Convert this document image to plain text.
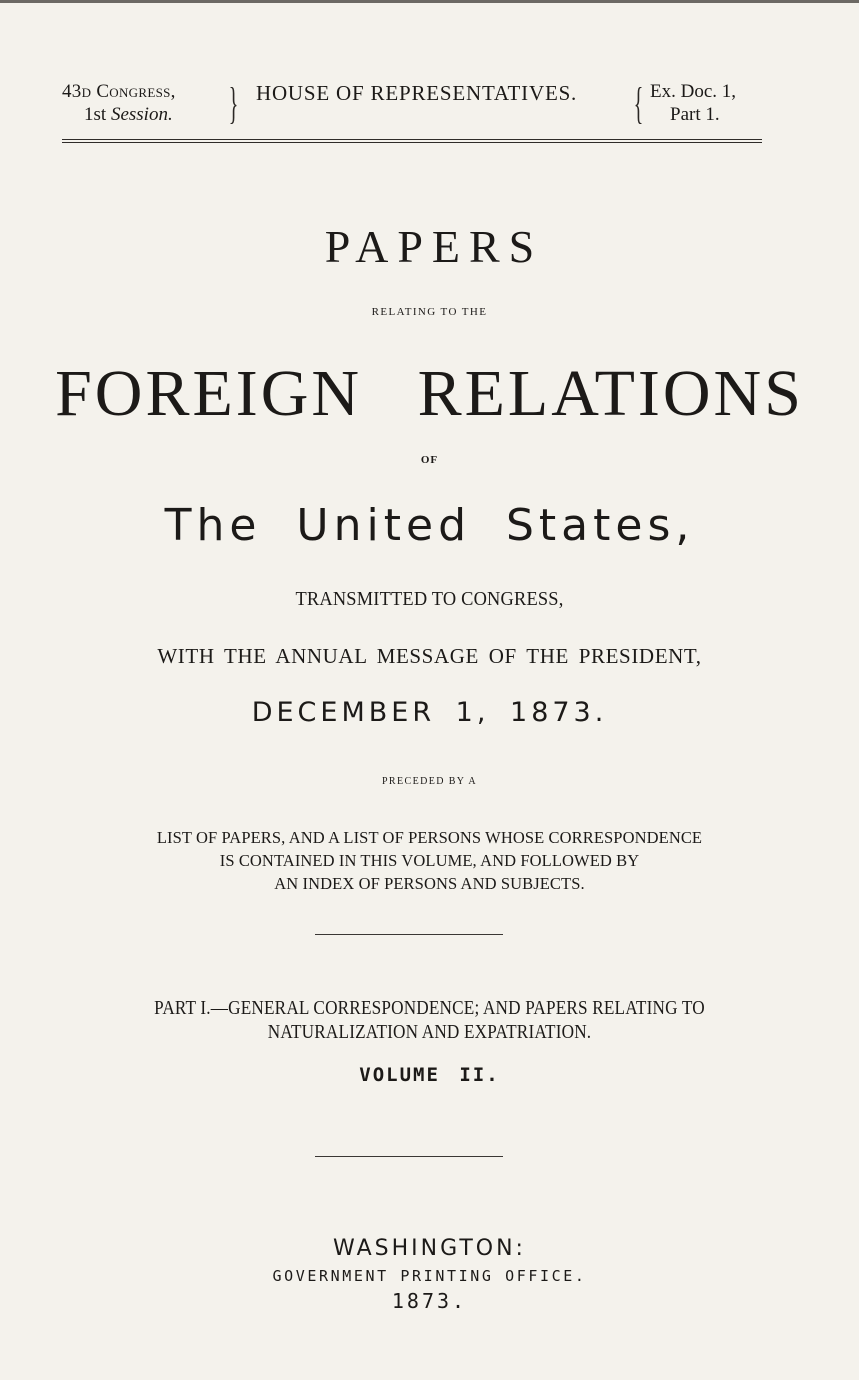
43d Congress,
1st Session. } HOUSE OF REPRESENTATIVES. { Ex. Doc. 1,
Part 1.
PAPERS
RELATING TO THE
FOREIGN RELATIONS
OF
The United States,
TRANSMITTED TO CONGRESS,
WITH THE ANNUAL MESSAGE OF THE PRESIDENT,
DECEMBER 1, 1873.
PRECEDED BY A
LIST OF PAPERS, AND A LIST OF PERSONS WHOSE CORRESPONDENCE
IS CONTAINED IN THIS VOLUME, AND FOLLOWED BY
AN INDEX OF PERSONS AND SUBJECTS.
PART I.—GENERAL CORRESPONDENCE; AND PAPERS RELATING TO
NATURALIZATION AND EXPATRIATION.
VOLUME II.
WASHINGTON:
GOVERNMENT PRINTING OFFICE.
1873.
